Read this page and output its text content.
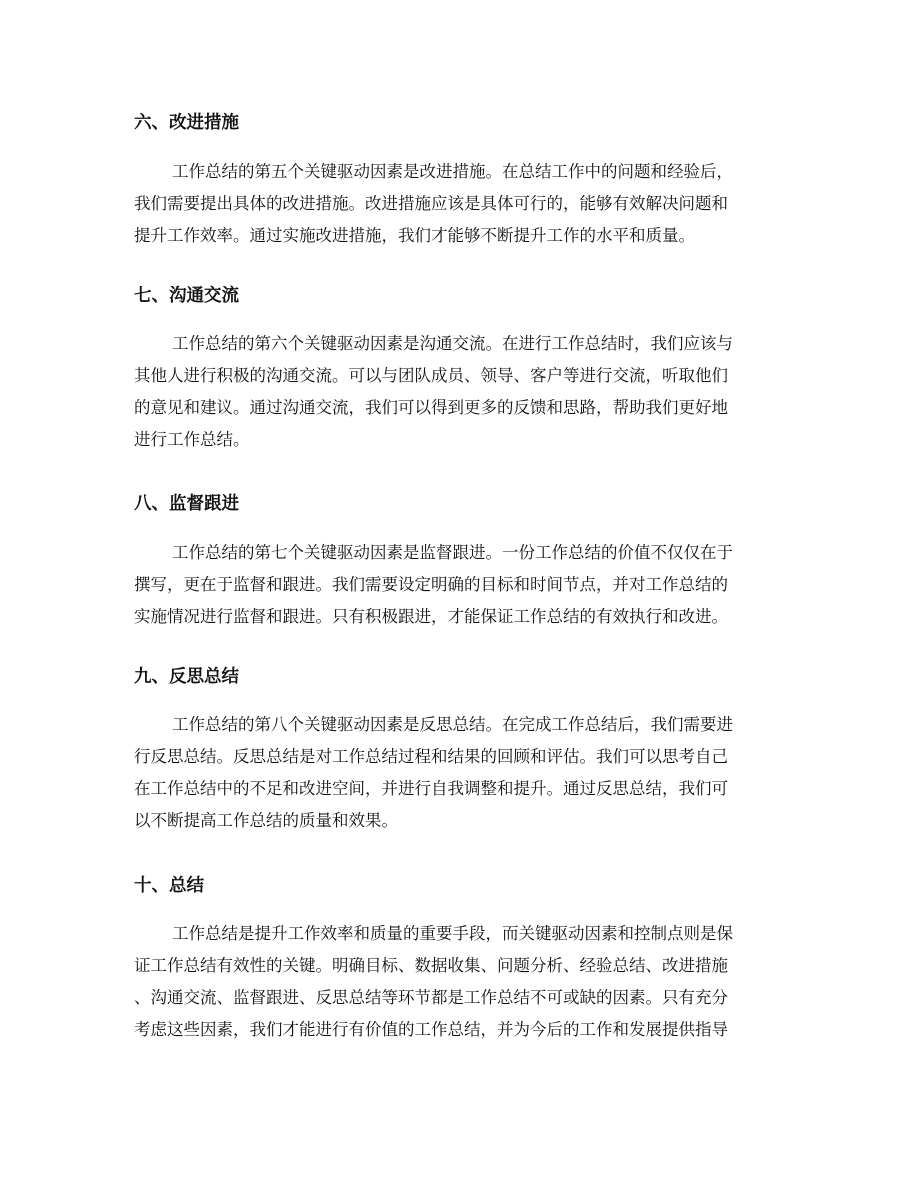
六、改进措施
工作总结的第五个关键驱动因素是改进措施。在总结工作中的问题和经验后，
我们需要提出具体的改进措施。改进措施应该是具体可行的，能够有效解决问题和
提升工作效率。通过实施改进措施，我们才能够不断提升工作的水平和质量。
七、沟通交流
工作总结的第六个关键驱动因素是沟通交流。在进行工作总结时，我们应该与
其他人进行积极的沟通交流。可以与团队成员、领导、客户等进行交流，听取他们
的意见和建议。通过沟通交流，我们可以得到更多的反馈和思路，帮助我们更好地
进行工作总结。
八、监督跟进
工作总结的第七个关键驱动因素是监督跟进。一份工作总结的价值不仅仅在于
撰写，更在于监督和跟进。我们需要设定明确的目标和时间节点，并对工作总结的
实施情况进行监督和跟进。只有积极跟进，才能保证工作总结的有效执行和改进。
九、反思总结
工作总结的第八个关键驱动因素是反思总结。在完成工作总结后，我们需要进
行反思总结。反思总结是对工作总结过程和结果的回顾和评估。我们可以思考自己
在工作总结中的不足和改进空间，并进行自我调整和提升。通过反思总结，我们可
以不断提高工作总结的质量和效果。
十、总结
工作总结是提升工作效率和质量的重要手段，而关键驱动因素和控制点则是保
证工作总结有效性的关键。明确目标、数据收集、问题分析、经验总结、改进措施
、沟通交流、监督跟进、反思总结等环节都是工作总结不可或缺的因素。只有充分
考虑这些因素，我们才能进行有价值的工作总结，并为今后的工作和发展提供指导
